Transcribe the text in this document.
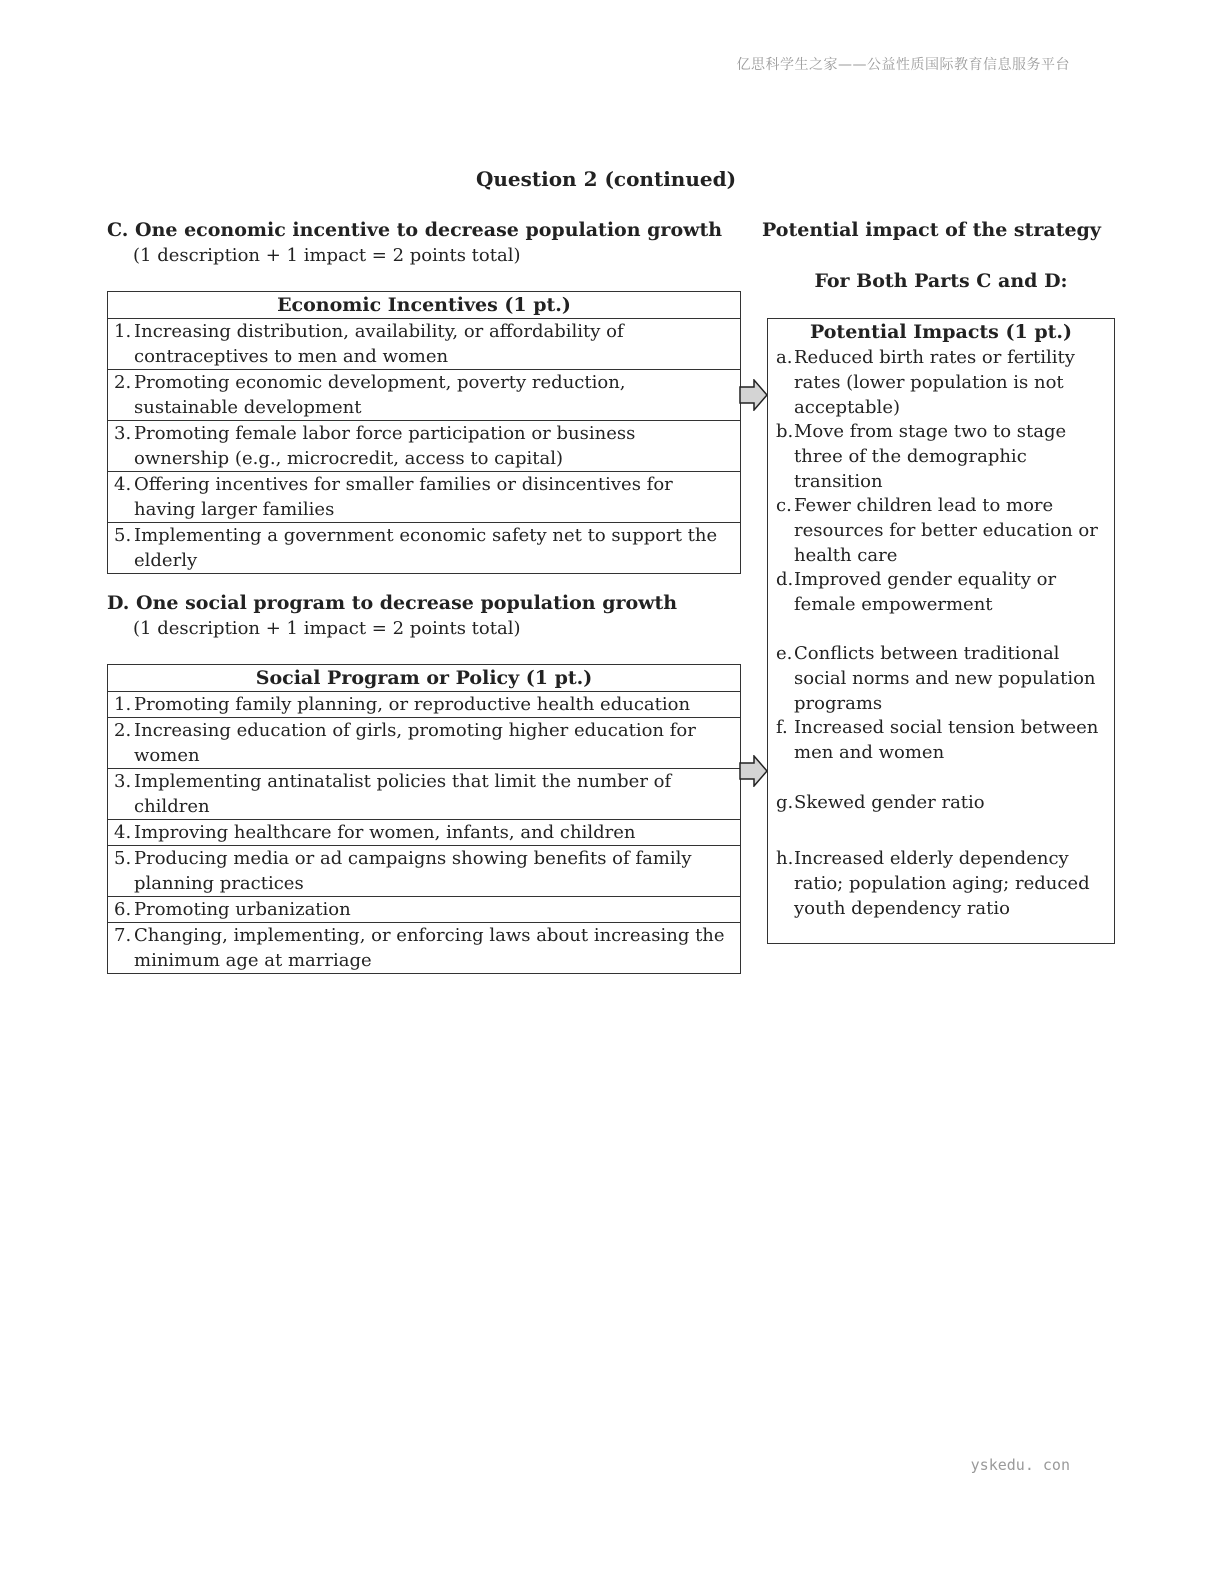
亿思科学生之家——公益性质国际教育信息服务平台
Question 2 (continued)
C. One economic incentive to decrease population growth
(1 description + 1 impact = 2 points total)
Economic Incentives (1 pt.)

1. Increasing distribution, availability, or affordability of contraceptives to men and women

2. Promoting economic development, poverty reduction, sustainable development

3. Promoting female labor force participation or business ownership (e.g., microcredit, access to capital)

4. Offering incentives for smaller families or disincentives for having larger families

5. Implementing a government economic safety net to support the elderly
D. One social program to decrease population growth
(1 description + 1 impact = 2 points total)
Social Program or Policy (1 pt.)

1. Promoting family planning, or reproductive health education

2. Increasing education of girls, promoting higher education for women

3. Implementing antinatalist policies that limit the number of children

4. Improving healthcare for women, infants, and children

5. Producing media or ad campaigns showing benefits of family planning practices

6. Promoting urbanization

7. Changing, implementing, or enforcing laws about increasing the minimum age at marriage
Potential impact of the strategy
For Both Parts C and D:
Potential Impacts (1 pt.)
a. Reduced birth rates or fertility rates (lower population is not acceptable)
b. Move from stage two to stage three of the demographic transition
c. Fewer children lead to more resources for better education or health care
d. Improved gender equality or female empowerment
e. Conflicts between traditional social norms and new population programs
f. Increased social tension between men and women
g. Skewed gender ratio
h. Increased elderly dependency ratio; population aging; reduced youth dependency ratio
yskedu. con
